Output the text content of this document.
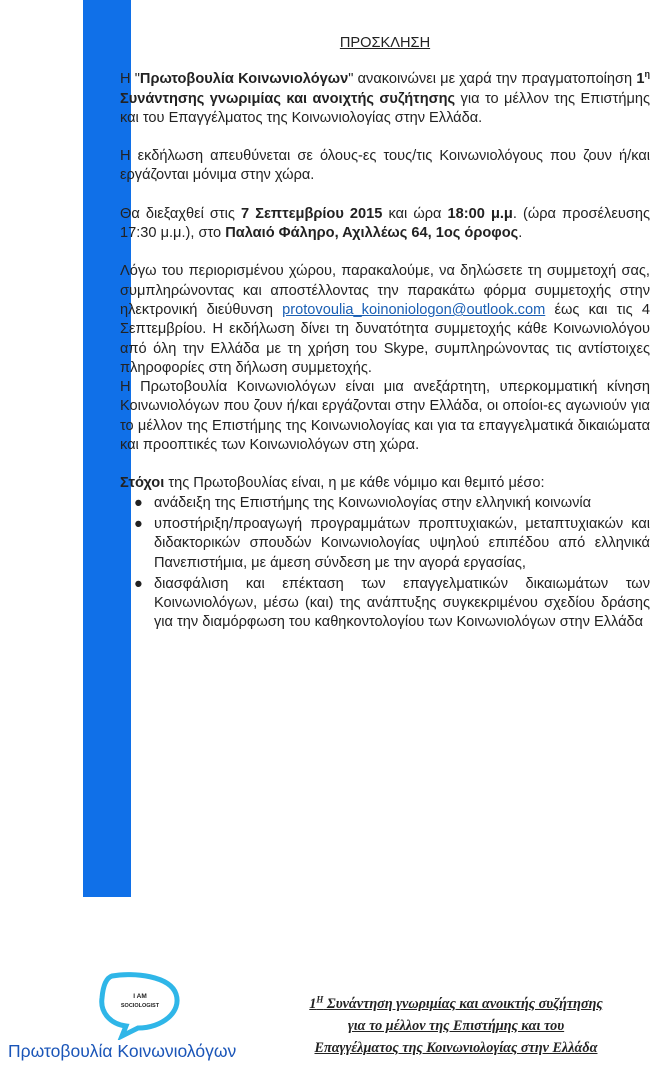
ΠΡΟΣΚΛΗΣΗ

Η "Πρωτοβουλία Κοινωνιολόγων" ανακοινώνει με χαρά την πραγματοποίηση $1^\eta$ Συνάντησης γνωριμίας και ανοιχτής συζήτησης για το μέλλον της Επιστήμης και του Επαγγέλματος της Κοινωνιολογίας στην Ελλάδα.

Η εκδήλωση απευθύνεται σε όλους-ες τους/τις Κοινωνιολόγους που ζουν ή/και εργάζονται μόνιμα στην χώρα.

Θα διεξαχθεί στις 7 Σεπτεμβρίου 2015 και ώρα 18:00 μ.μ. (ώρα προσέλευσης 17:30 μ.μ.), στο Παλαιό Φάληρο, Αχιλλέως 64, 1ος όροφος.

Λόγω του περιορισμένου χώρου, παρακαλούμε, να δηλώσετε τη συμμετοχή σας, συμπληρώνοντας και αποστέλλοντας την παρακάτω φόρμα συμμετοχής στην ηλεκτρονική διεύθυνση protovoulia_koinoniologon@outlook.com έως και τις 4 Σεπτεμβρίου. Η εκδήλωση δίνει τη δυνατότητα συμμετοχής κάθε Κοινωνιολόγου από όλη την Ελλάδα με τη χρήση του Skype, συμπληρώνοντας τις αντίστοιχες πληροφορίες στη δήλωση συμμετοχής.

Η Πρωτοβουλία Κοινωνιολόγων είναι μια ανεξάρτητη, υπερκομματική κίνηση Κοινωνιολόγων που ζουν ή/και εργάζονται στην Ελλάδα, οι οποίοι-ες αγωνιούν για το μέλλον της Επιστήμης της Κοινωνιολογίας και για τα επαγγελματικά δικαιώματα και προοπτικές των Κοινωνιολόγων στη χώρα.

Στόχοι της Πρωτοβουλίας είναι, η με κάθε νόμιμο και θεμιτό μέσο:

● ανάδειξη της Επιστήμης της Κοινωνιολογίας στην ελληνική κοινωνία
● υποστήριξη/προαγωγή προγραμμάτων προπτυχιακών, μεταπτυχιακών και διδακτορικών σπουδών Κοινωνιολογίας υψηλού επιπέδου από ελληνικά Πανεπιστήμια, με άμεση σύνδεση με την αγορά εργασίας,
● διασφάλιση και επέκταση των επαγγελματικών δικαιωμάτων των Κοινωνιολόγων, μέσω (και) της ανάπτυξης συγκεκριμένου σχεδίου δράσης για την διαμόρφωση του καθηκοντολογίου των Κοινωνιολόγων στην Ελλάδα
I AM
SOCIOLOGIST
Πρωτοβουλία Κοινωνιολόγων
$1^H$ Συνάντηση γνωριμίας και ανοικτής συζήτησης
για το μέλλον της Επιστήμης και του
Επαγγέλματος της Κοινωνιολογίας στην Ελλάδα
